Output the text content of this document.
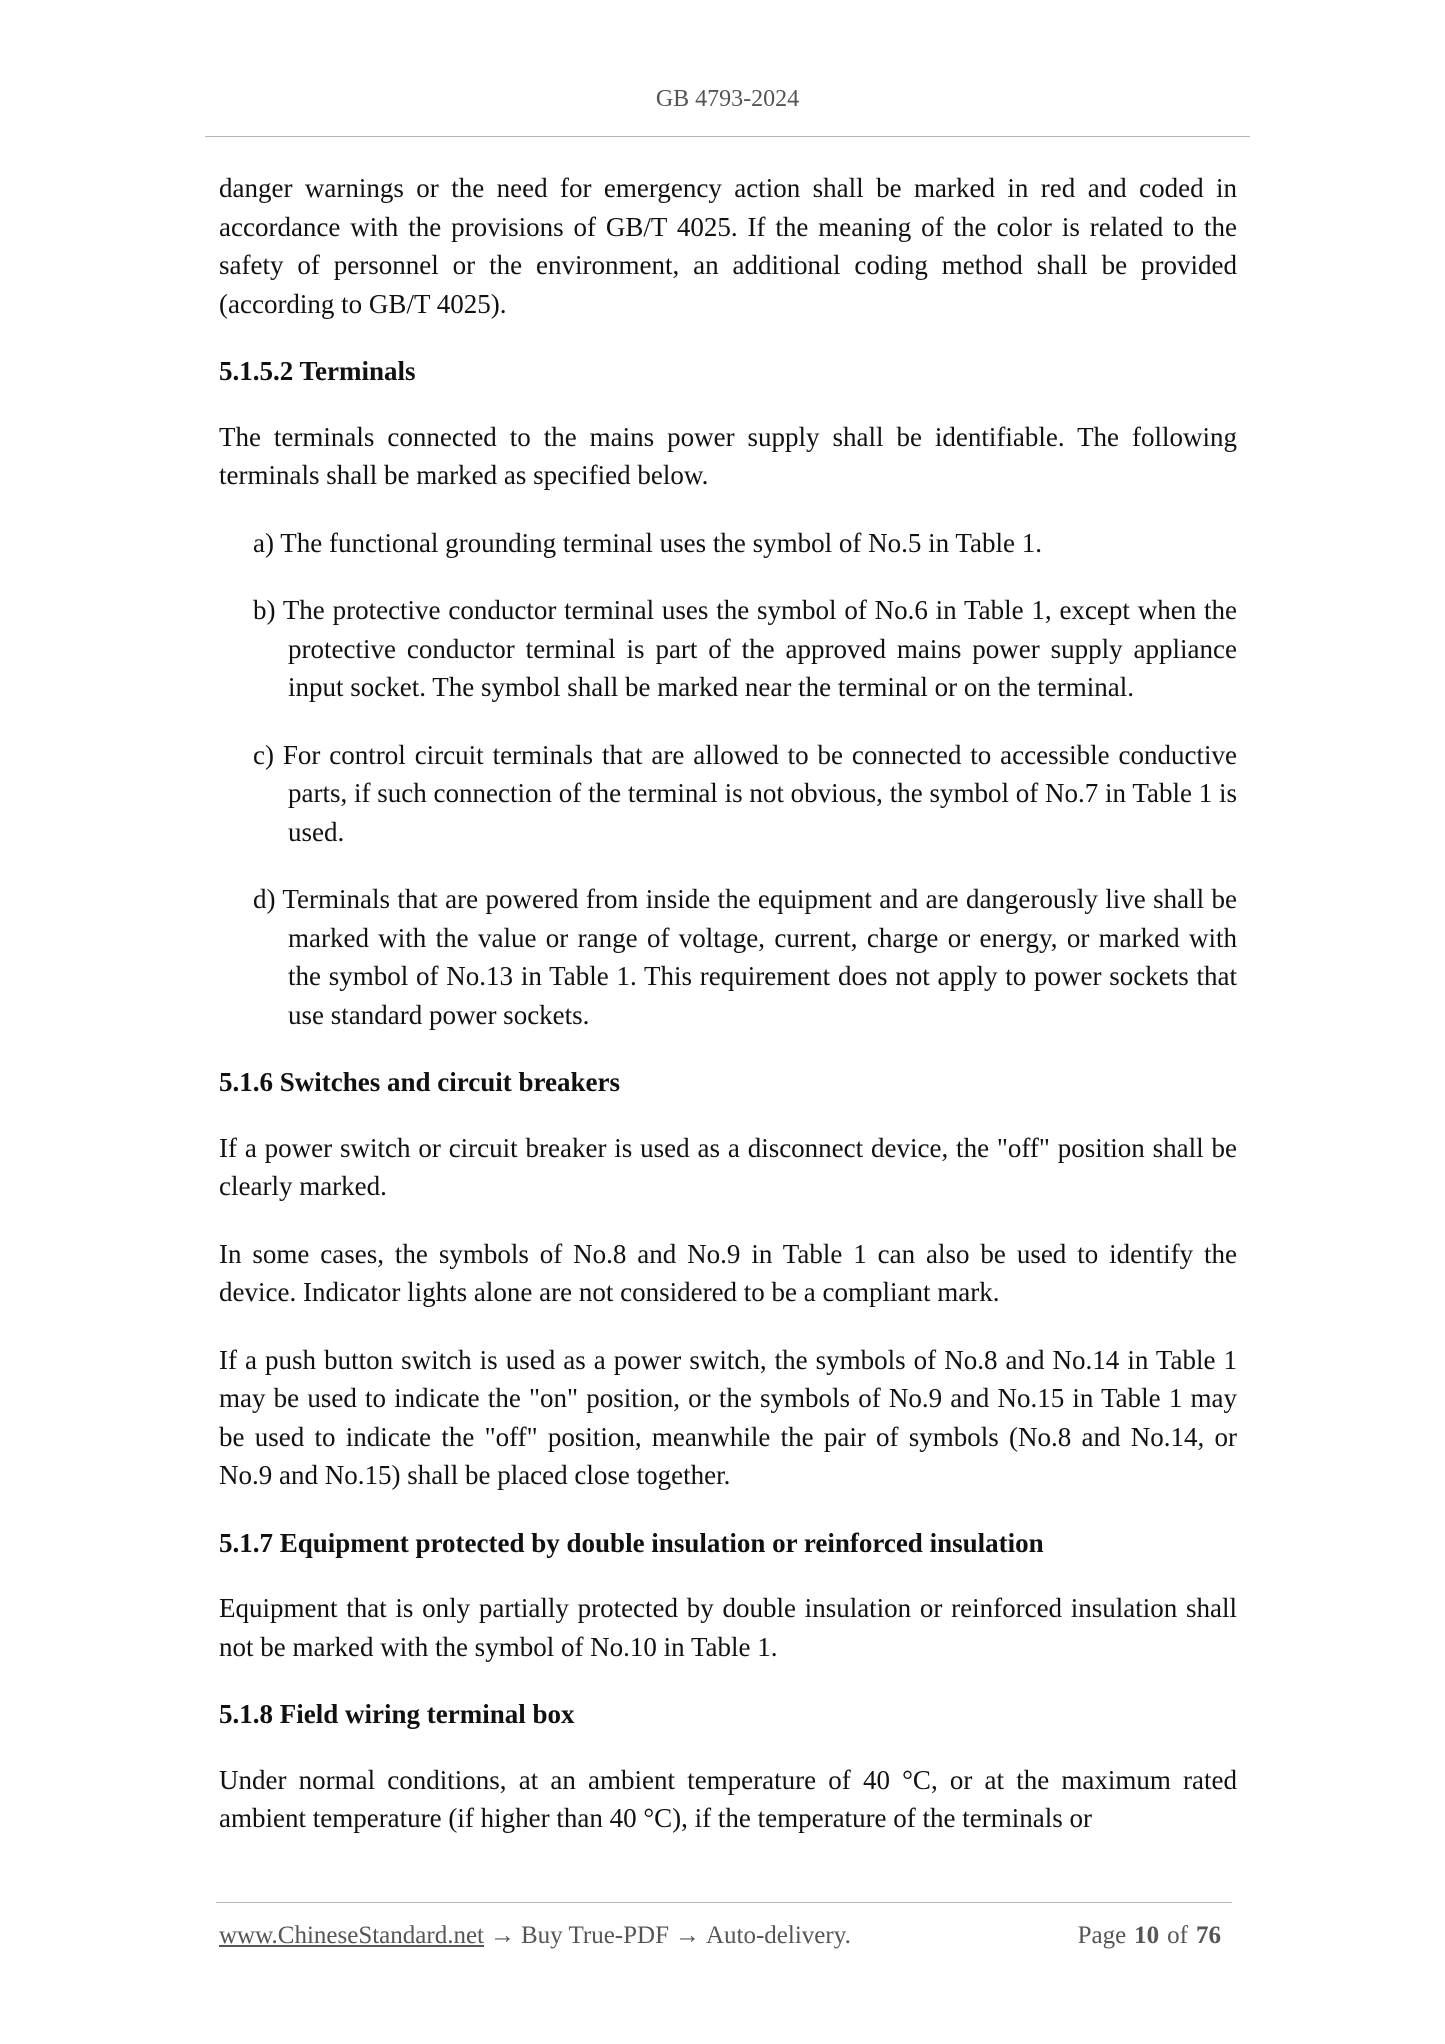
GB 4793-2024

danger warnings or the need for emergency action shall be marked in red and coded in accordance with the provisions of GB/T 4025. If the meaning of the color is related to the safety of personnel or the environment, an additional coding method shall be provided (according to GB/T 4025).

5.1.5.2 Terminals

The terminals connected to the mains power supply shall be identifiable. The following terminals shall be marked as specified below.

a) The functional grounding terminal uses the symbol of No.5 in Table 1.
b) The protective conductor terminal uses the symbol of No.6 in Table 1, except when the protective conductor terminal is part of the approved mains power supply appliance input socket. The symbol shall be marked near the terminal or on the terminal.
c) For control circuit terminals that are allowed to be connected to accessible conductive parts, if such connection of the terminal is not obvious, the symbol of No.7 in Table 1 is used.
d) Terminals that are powered from inside the equipment and are dangerously live shall be marked with the value or range of voltage, current, charge or energy, or marked with the symbol of No.13 in Table 1. This requirement does not apply to power sockets that use standard power sockets.
5.1.6 Switches and circuit breakers

If a power switch or circuit breaker is used as a disconnect device, the "off" position shall be clearly marked.

In some cases, the symbols of No.8 and No.9 in Table 1 can also be used to identify the device. Indicator lights alone are not considered to be a compliant mark.

If a push button switch is used as a power switch, the symbols of No.8 and No.14 in Table 1 may be used to indicate the "on" position, or the symbols of No.9 and No.15 in Table 1 may be used to indicate the "off" position, meanwhile the pair of symbols (No.8 and No.14, or No.9 and No.15) shall be placed close together.

5.1.7 Equipment protected by double insulation or reinforced insulation

Equipment that is only partially protected by double insulation or reinforced insulation shall not be marked with the symbol of No.10 in Table 1.

5.1.8 Field wiring terminal box

Under normal conditions, at an ambient temperature of 40 °C, or at the maximum rated ambient temperature (if higher than 40 °C), if the temperature of the terminals or

www.ChineseStandard.net → Buy True-PDF → Auto-delivery.	Page 10 of 76
